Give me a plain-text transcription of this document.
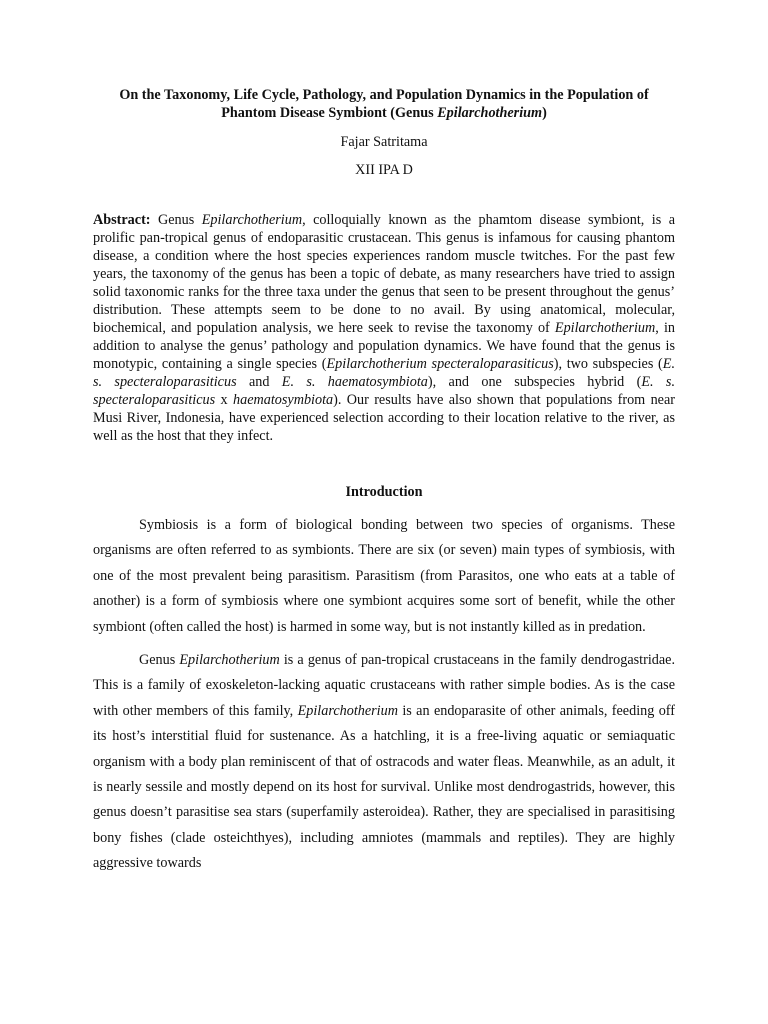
On the Taxonomy, Life Cycle, Pathology, and Population Dynamics in the Population of
Phantom Disease Symbiont (Genus Epilarchotherium)

Fajar Satritama

XII IPA D

Abstract: Genus Epilarchotherium, colloquially known as the phamtom disease symbiont, is a prolific pan-tropical genus of endoparasitic crustacean. This genus is infamous for causing phantom disease, a condition where the host species experiences random muscle twitches. For the past few years, the taxonomy of the genus has been a topic of debate, as many researchers have tried to assign solid taxonomic ranks for the three taxa under the genus that seen to be present throughout the genus’ distribution. These attempts seem to be done to no avail. By using anatomical, molecular, biochemical, and population analysis, we here seek to revise the taxonomy of Epilarchotherium, in addition to analyse the genus’ pathology and population dynamics. We have found that the genus is monotypic, containing a single species (Epilarchotherium specteraloparasiticus), two subspecies (E. s. specteraloparasiticus and E. s. haematosymbiota), and one subspecies hybrid (E. s. specteraloparasiticus x haematosymbiota). Our results have also shown that populations from near Musi River, Indonesia, have experienced selection according to their location relative to the river, as well as the host that they infect.
Introduction

Symbiosis is a form of biological bonding between two species of organisms. These organisms are often referred to as symbionts. There are six (or seven) main types of symbiosis, with one of the most prevalent being parasitism. Parasitism (from Parasitos, one who eats at a table of another) is a form of symbiosis where one symbiont acquires some sort of benefit, while the other symbiont (often called the host) is harmed in some way, but is not instantly killed as in predation.

Genus Epilarchotherium is a genus of pan-tropical crustaceans in the family dendrogastridae. This is a family of exoskeleton-lacking aquatic crustaceans with rather simple bodies. As is the case with other members of this family, Epilarchotherium is an endoparasite of other animals, feeding off its host’s interstitial fluid for sustenance. As a hatchling, it is a free-living aquatic or semiaquatic organism with a body plan reminiscent of that of ostracods and water fleas. Meanwhile, as an adult, it is nearly sessile and mostly depend on its host for survival. Unlike most dendrogastrids, however, this genus doesn’t parasitise sea stars (superfamily asteroidea). Rather, they are specialised in parasitising bony fishes (clade osteichthyes), including amniotes (mammals and reptiles). They are highly aggressive towards
